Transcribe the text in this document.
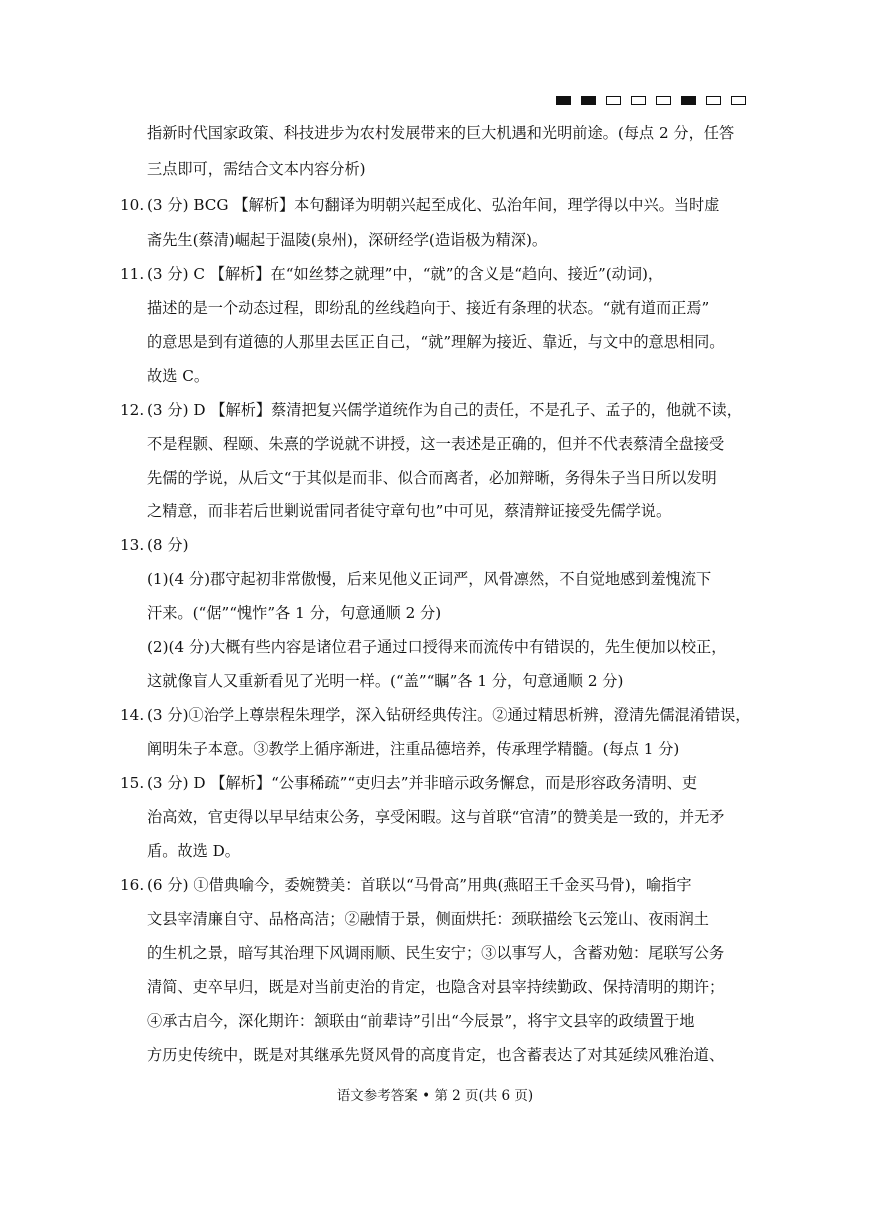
指新时代国家政策、科技进步为农村发展带来的巨大机遇和光明前途。(每点 2 分，任答
三点即可，需结合文本内容分析)
10. (3 分) BCG 【解析】本句翻译为明朝兴起至成化、弘治年间，理学得以中兴。当时虚
斋先生(蔡清)崛起于温陵(泉州)，深研经学(造诣极为精深)。
11. (3 分) C 【解析】在“如丝棼之就理”中，“就”的含义是“趋向、接近”(动词)，
描述的是一个动态过程，即纷乱的丝线趋向于、接近有条理的状态。“就有道而正焉”
的意思是到有道德的人那里去匡正自己，“就”理解为接近、靠近，与文中的意思相同。
故选 C。
12. (3 分) D 【解析】蔡清把复兴儒学道统作为自己的责任，不是孔子、孟子的，他就不读，
不是程颢、程颐、朱熹的学说就不讲授，这一表述是正确的，但并不代表蔡清全盘接受
先儒的学说，从后文“于其似是而非、似合而离者，必加辩晰，务得朱子当日所以发明
之精意，而非若后世剿说雷同者徒守章句也”中可见，蔡清辩证接受先儒学说。
13. (8 分)
(1)(4 分)郡守起初非常傲慢，后来见他义正词严，风骨凛然，不自觉地感到羞愧流下
汗来。(“倨”“愧怍”各 1 分，句意通顺 2 分)
(2)(4 分)大概有些内容是诸位君子通过口授得来而流传中有错误的，先生便加以校正，
这就像盲人又重新看见了光明一样。(“盖”“瞩”各 1 分，句意通顺 2 分)
14. (3 分)①治学上尊崇程朱理学，深入钻研经典传注。②通过精思析辨，澄清先儒混淆错误，
阐明朱子本意。③教学上循序渐进，注重品德培养，传承理学精髓。(每点 1 分)
15. (3 分) D 【解析】“公事稀疏”“吏归去”并非暗示政务懈怠，而是形容政务清明、吏
治高效，官吏得以早早结束公务，享受闲暇。这与首联“官清”的赞美是一致的，并无矛
盾。故选 D。
16. (6 分) ①借典喻今，委婉赞美：首联以“马骨高”用典(燕昭王千金买马骨)，喻指宇
文县宰清廉自守、品格高洁；②融情于景，侧面烘托：颈联描绘飞云笼山、夜雨润土
的生机之景，暗写其治理下风调雨顺、民生安宁；③以事写人，含蓄劝勉：尾联写公务
清简、吏卒早归，既是对当前吏治的肯定，也隐含对县宰持续勤政、保持清明的期许；
④承古启今，深化期许：颔联由“前辈诗”引出“今辰景”，将宇文县宰的政绩置于地
方历史传统中，既是对其继承先贤风骨的高度肯定，也含蓄表达了对其延续风雅治道、
语文参考答案 • 第 2 页(共 6 页)
